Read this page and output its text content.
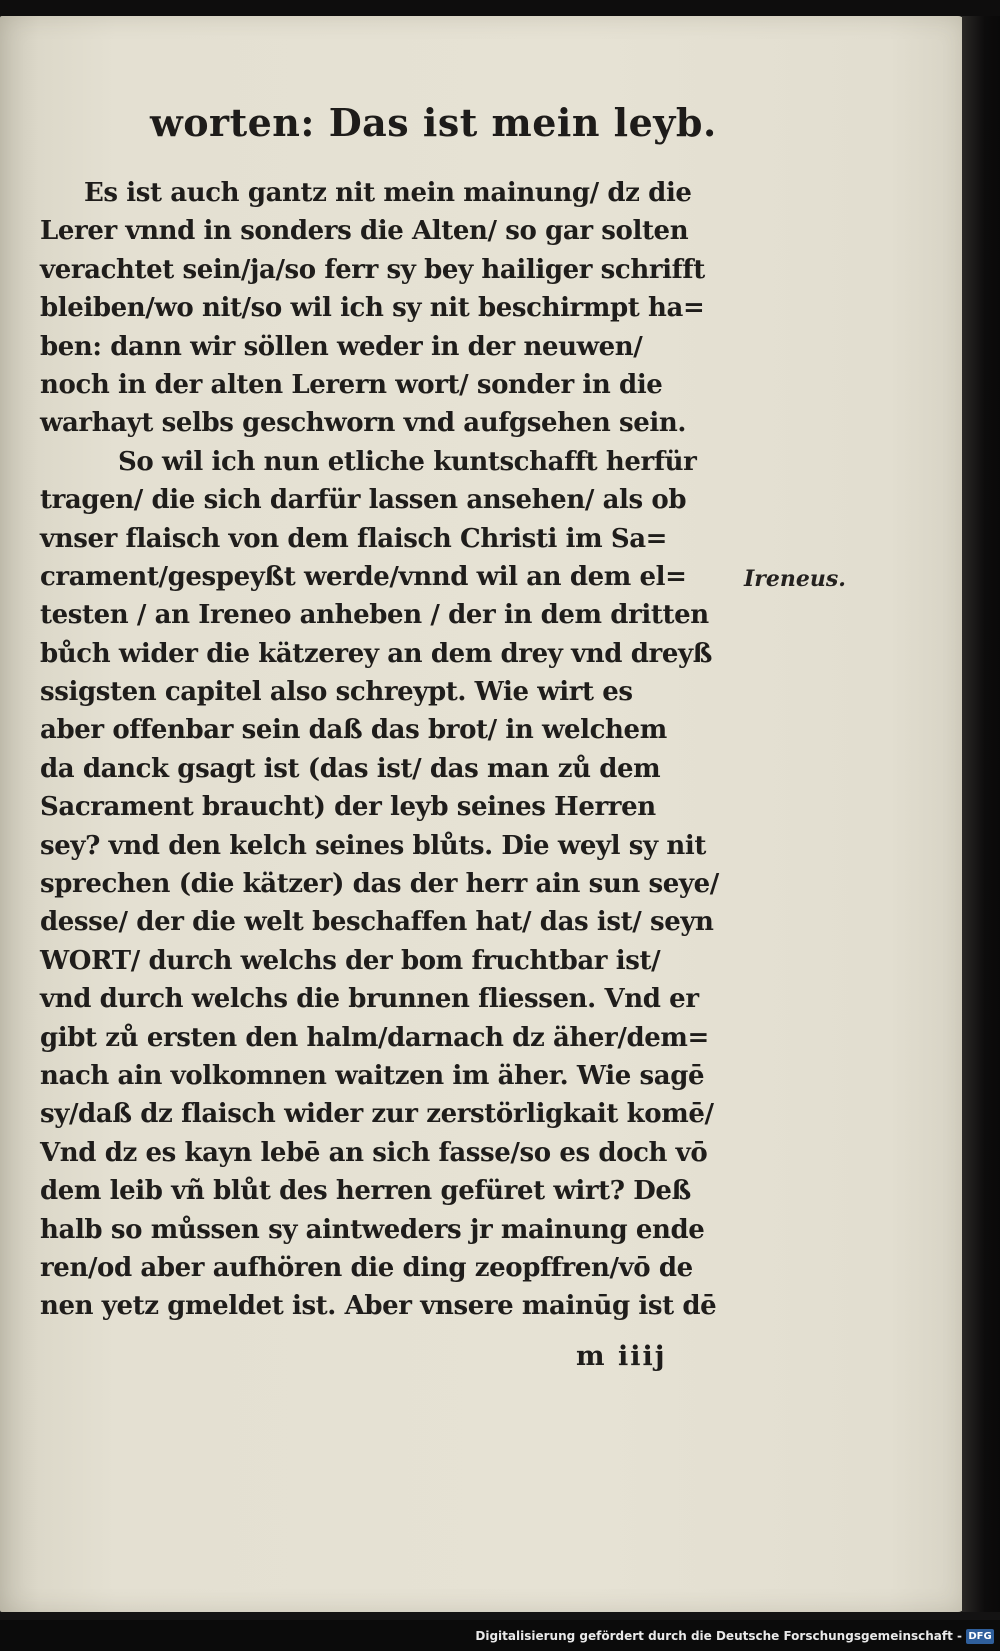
worten: Das ist mein leyb.
Es ist auch gantz nit mein mainung/ dz die
Lerer vnnd in sonders die Alten/ so gar solten
verachtet sein/ja/so ferr sy bey hailiger schrifft
bleiben/wo nit/so wil ich sy nit beschirmpt ha=
ben: dann wir söllen weder in der neuwen/
noch in der alten Lerern wort/ sonder in die
warhayt selbs geschworn vnd aufgsehen sein.
So wil ich nun etliche kuntschafft herfür
tragen/ die sich darfür lassen ansehen/ als ob
vnser flaisch von dem flaisch Christi im Sa=
crament/gespeyßt werde/vnnd wil an dem el=
testen / an Ireneo anheben / der in dem dritten
bůch wider die kätzerey an dem drey vnd dreyß
ssigsten capitel also schreypt. Wie wirt es
aber offenbar sein daß das brot/ in welchem
da danck gsagt ist (das ist/ das man zů dem
Sacrament braucht) der leyb seines Herren
sey? vnd den kelch seines blůts. Die weyl sy nit
sprechen (die kätzer) das der herr ain sun seye/
desse/ der die welt beschaffen hat/ das ist/ seyn
WORT/ durch welchs der bom fruchtbar ist/
vnd durch welchs die brunnen fliessen. Vnd er
gibt zů ersten den halm/darnach dz äher/dem=
nach ain volkomnen waitzen im äher. Wie sagē
sy/daß dz flaisch wider zur zerstörligkait komē/
Vnd dz es kayn lebē an sich fasse/so es doch vō
dem leib vñ blůt des herren gefüret wirt? Deß
halb so můssen sy aintweders jr mainung ende
ren/od aber aufhören die ding zeopffren/vō de
nen yetz gmeldet ist. Aber vnsere mainūg ist dē
Ireneus.
m iiij
Digitalisierung gefördert durch die Deutsche Forschungsgemeinschaft - DFG
